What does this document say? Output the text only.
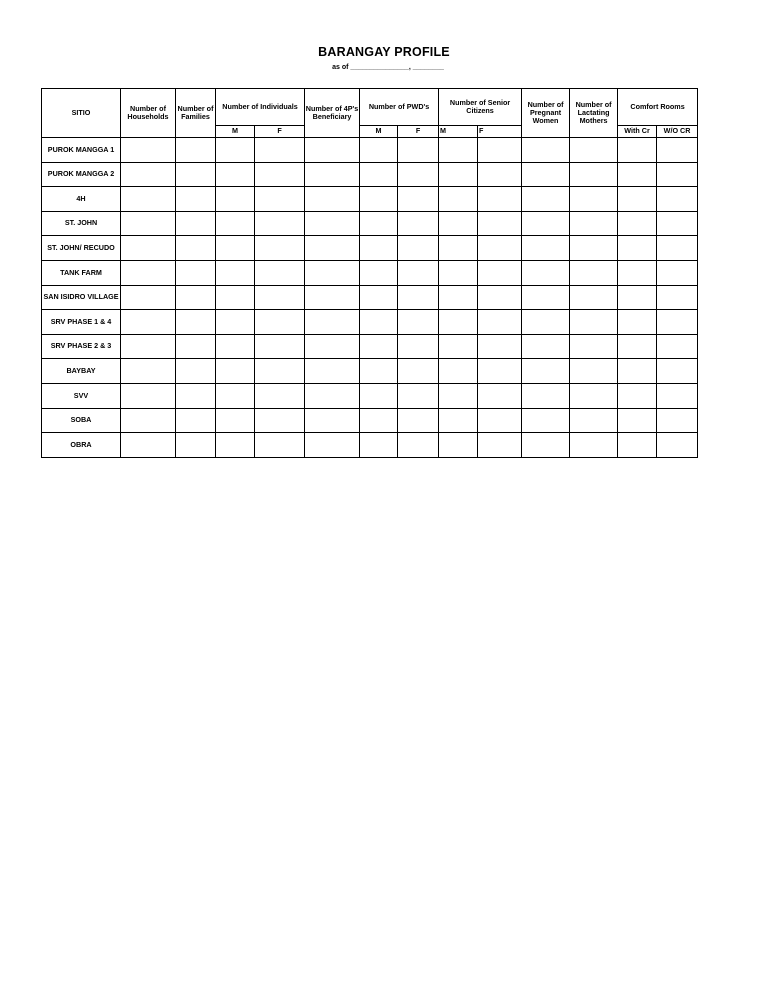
BARANGAY PROFILE
as of _______________, ________
SITIO	Number of Households	Number of Families	Number of Individuals		Number of 4P's Beneficiary	Number of PWD's		Number of Senior Citizens		Number of Pregnant Women	Number of Lactating Mothers	Comfort Rooms	
			M	F		M	F	M	F			With Cr	W/O CR
PUROK MANGGA 1													
PUROK MANGGA 2													
4H													
ST. JOHN													
ST. JOHN/ RECUDO													
TANK FARM													
SAN ISIDRO VILLAGE													
SRV PHASE 1 & 4													
SRV PHASE 2 & 3													
BAYBAY													
SVV													
SOBA													
OBRA													
